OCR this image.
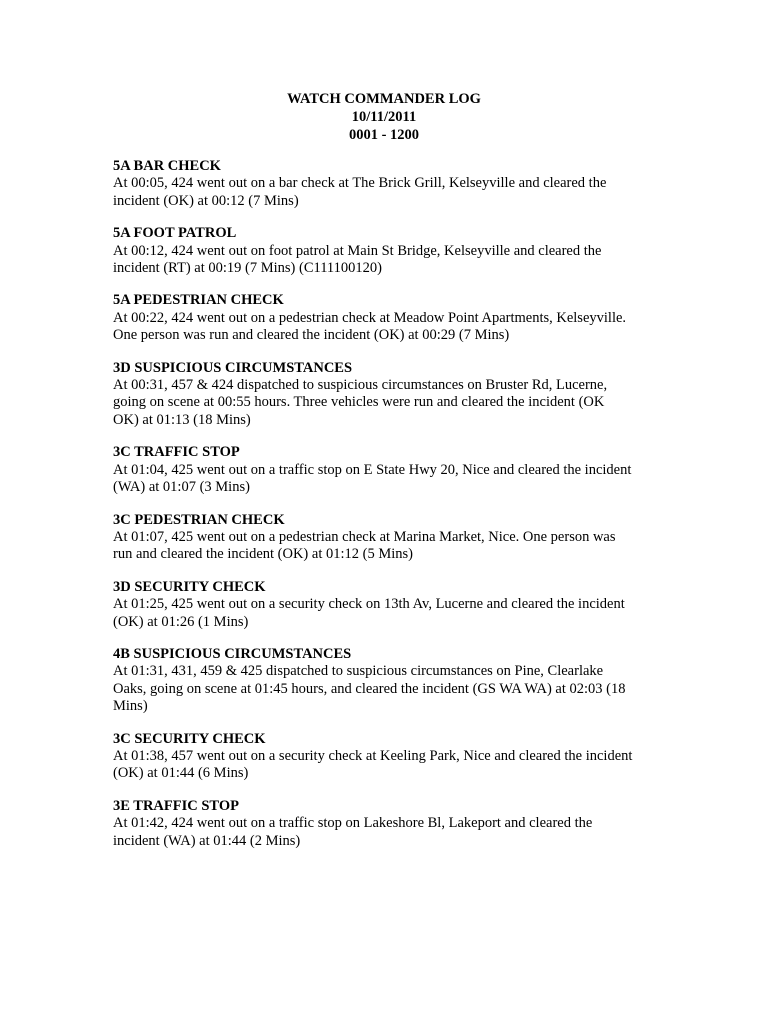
WATCH COMMANDER LOG
10/11/2011
0001 - 1200
5A BAR CHECK
At 00:05, 424 went out on a bar check at The Brick Grill, Kelseyville and cleared the
incident (OK) at 00:12 (7 Mins)
5A FOOT PATROL
At 00:12, 424 went out on foot patrol at Main St Bridge, Kelseyville and cleared the
incident (RT) at 00:19 (7 Mins) (C111100120)
5A PEDESTRIAN CHECK
At 00:22, 424 went out on a pedestrian check at Meadow Point Apartments, Kelseyville.
One person was run and cleared the incident (OK) at 00:29 (7 Mins)
3D SUSPICIOUS CIRCUMSTANCES
At 00:31, 457 & 424 dispatched to suspicious circumstances on Bruster Rd, Lucerne,
going on scene at 00:55 hours. Three vehicles were run and cleared the incident (OK
OK) at 01:13 (18 Mins)
3C TRAFFIC STOP
At 01:04, 425 went out on a traffic stop on E State Hwy 20, Nice and cleared the incident
(WA) at 01:07 (3 Mins)
3C PEDESTRIAN CHECK
At 01:07, 425 went out on a pedestrian check at Marina Market, Nice. One person was
run and cleared the incident (OK) at 01:12 (5 Mins)
3D SECURITY CHECK
At 01:25, 425 went out on a security check on 13th Av, Lucerne and cleared the incident
(OK) at 01:26 (1 Mins)
4B SUSPICIOUS CIRCUMSTANCES
At 01:31, 431, 459 & 425 dispatched to suspicious circumstances on Pine, Clearlake
Oaks, going on scene at 01:45 hours, and cleared the incident (GS WA WA) at 02:03 (18
Mins)
3C SECURITY CHECK
At 01:38, 457 went out on a security check at Keeling Park, Nice and cleared the incident
(OK) at 01:44 (6 Mins)
3E TRAFFIC STOP
At 01:42, 424 went out on a traffic stop on Lakeshore Bl, Lakeport and cleared the
incident (WA) at 01:44 (2 Mins)
